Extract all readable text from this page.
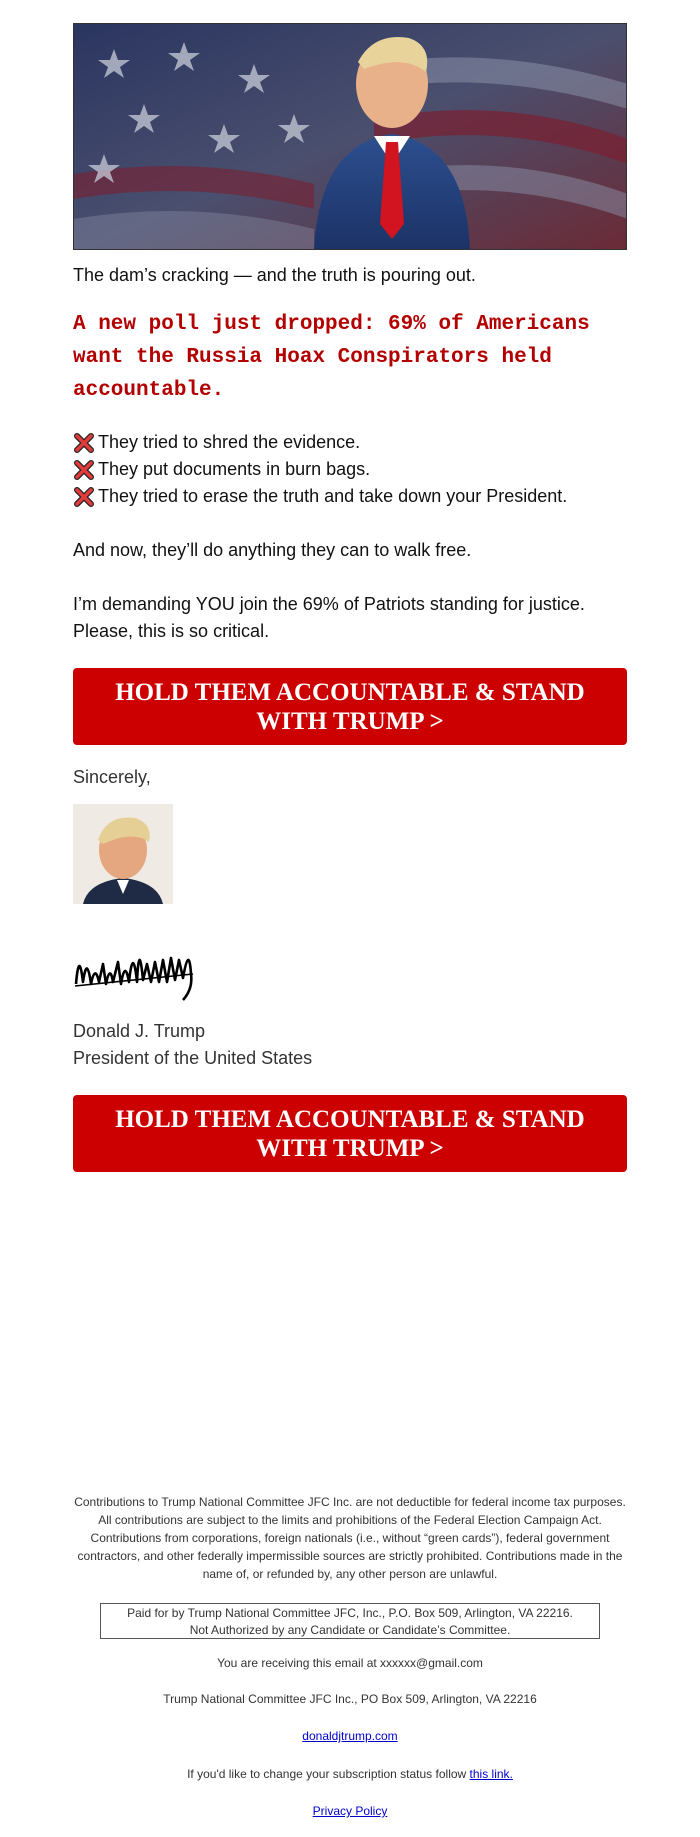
The dam’s cracking — and the truth is pouring out.

A new poll just dropped: 69% of Americans want the Russia Hoax Conspirators held accountable.

They tried to shred the evidence.
They put documents in burn bags.
They tried to erase the truth and take down your President.

And now, they’ll do anything they can to walk free.

I’m demanding YOU join the 69% of Patriots standing for justice.

Please, this is so critical.

HOLD THEM ACCOUNTABLE & STAND
WITH TRUMP >

Sincerely,

Donald J. Trump

President of the United States

HOLD THEM ACCOUNTABLE & STAND
WITH TRUMP >
Contributions to Trump National Committee JFC Inc. are not deductible for federal income tax purposes.
All contributions are subject to the limits and prohibitions of the Federal Election Campaign Act.
Contributions from corporations, foreign nationals (i.e., without “green cards”), federal government
contractors, and other federally impermissible sources are strictly prohibited. Contributions made in the
name of, or refunded by, any other person are unlawful.
Paid for by Trump National Committee JFC, Inc., P.O. Box 509, Arlington, VA 22216.
Not Authorized by any Candidate or Candidate’s Committee.
You are receiving this email at xxxxxx@gmail.com
Trump National Committee JFC Inc., PO Box 509, Arlington, VA 22216
donaldjtrump.com
If you'd like to change your subscription status follow this link.
Privacy Policy
